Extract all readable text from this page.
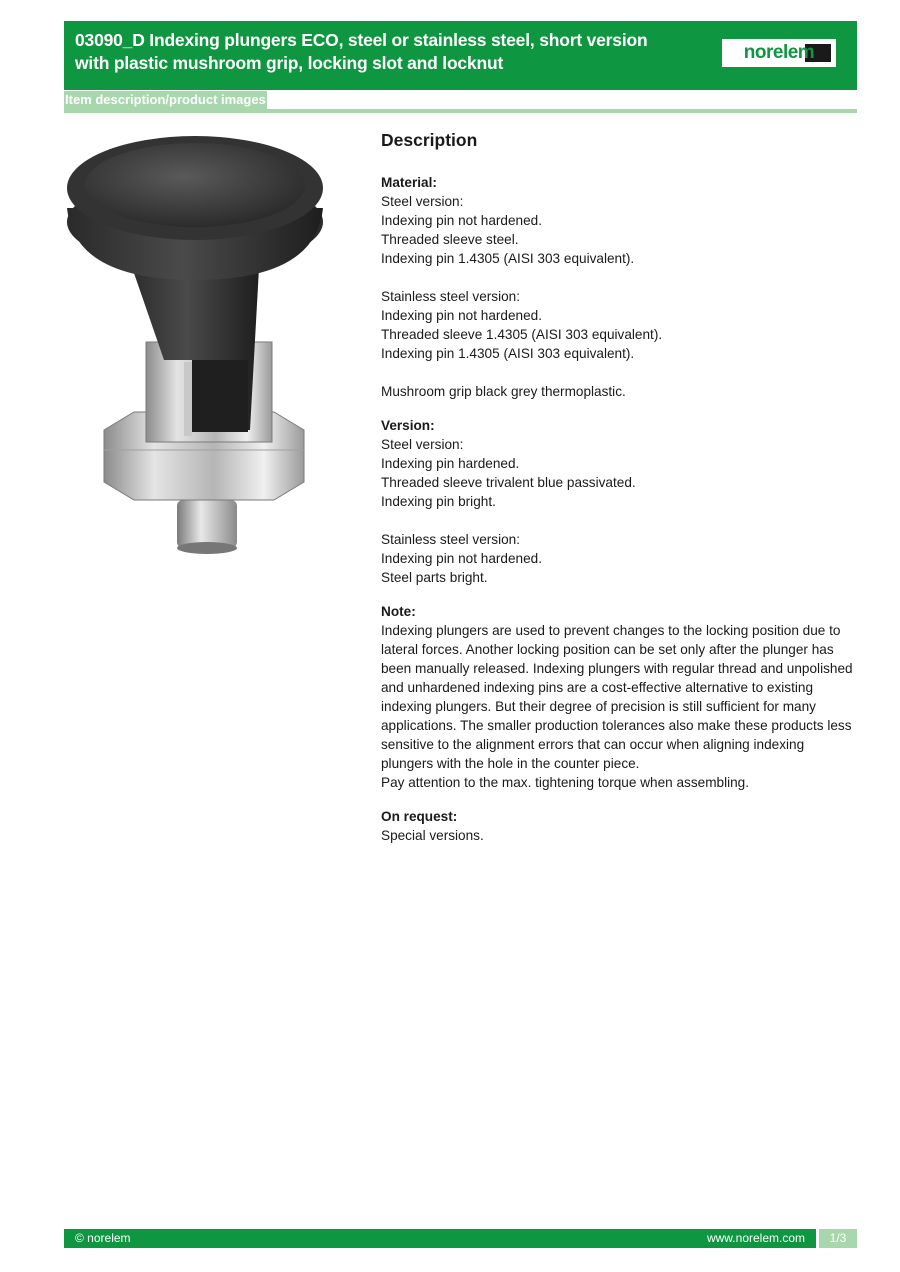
03090_D Indexing plungers ECO, steel or stainless steel, short version with plastic mushroom grip, locking slot and locknut	norelem
Item description/product images
Description
Material:
Steel version:
Indexing pin not hardened.
Threaded sleeve steel.
Indexing pin 1.4305 (AISI 303 equivalent).
Stainless steel version:
Indexing pin not hardened.
Threaded sleeve 1.4305 (AISI 303 equivalent).
Indexing pin 1.4305 (AISI 303 equivalent).
Mushroom grip black grey thermoplastic.
Version:
Steel version:
Indexing pin hardened.
Threaded sleeve trivalent blue passivated.
Indexing pin bright.
Stainless steel version:
Indexing pin not hardened.
Steel parts bright.
Note:
Indexing plungers are used to prevent changes to the locking position due to lateral forces. Another locking position can be set only after the plunger has been manually released. Indexing plungers with regular thread and unpolished and unhardened indexing pins are a cost-effective alternative to existing indexing plungers. But their degree of precision is still sufficient for many applications. The smaller production tolerances also make these products less sensitive to the alignment errors that can occur when aligning indexing plungers with the hole in the counter piece.
Pay attention to the max. tightening torque when assembling.
On request:
Special versions.
© norelem	www.norelem.com	1/3
